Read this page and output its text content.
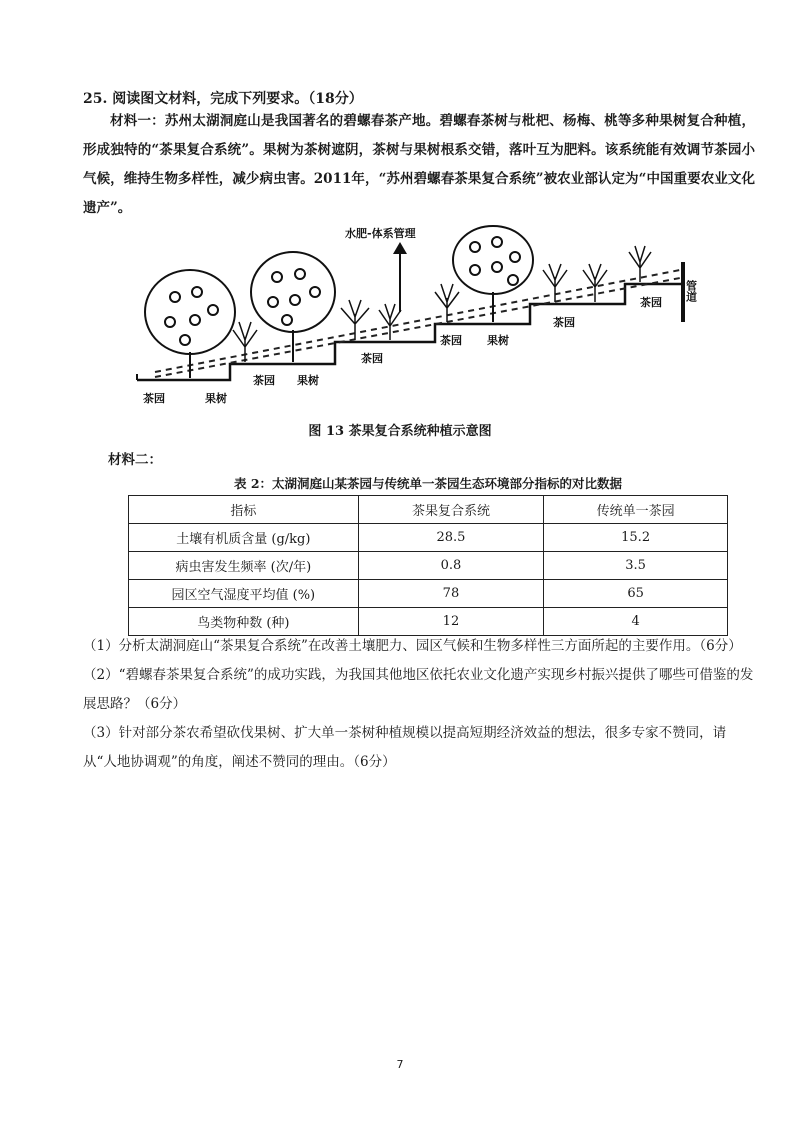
25. 阅读图文材料，完成下列要求。（18分）
材料一：苏州太湖洞庭山是我国著名的碧螺春茶产地。碧螺春茶树与枇杷、杨梅、桃等多种果树复合种植，形成独特的“茶果复合系统”。果树为茶树遮阴，茶树与果树根系交错，落叶互为肥料。该系统能有效调节茶园小气候，维持生物多样性，减少病虫害。2011年，“苏州碧螺春茶果复合系统”被农业部认定为“中国重要农业文化遗产”。
水肥-体系管理
管道
茶园	果树
茶园 果树
茶园
茶园 果树
茶园
茶园
图 13 茶果复合系统种植示意图
材料二：
表 2：太湖洞庭山某茶园与传统单一茶园生态环境部分指标的对比数据
指标	茶果复合系统	传统单一茶园
土壤有机质含量 (g/kg)	28.5	15.2
病虫害发生频率 (次/年)	0.8	3.5
园区空气湿度平均值 (%)	78	65
鸟类物种数 (种)	12	4

（1）分析太湖洞庭山“茶果复合系统”在改善土壤肥力、园区气候和生物多样性三方面所起的主要作用。（6分）

（2）“碧螺春茶果复合系统”的成功实践，为我国其他地区依托农业文化遗产实现乡村振兴提供了哪些可借鉴的发展思路？（6分）

（3）针对部分茶农希望砍伐果树、扩大单一茶树种植规模以提高短期经济效益的想法，很多专家不赞同，请从“人地协调观”的角度，阐述不赞同的理由。（6分）

7
